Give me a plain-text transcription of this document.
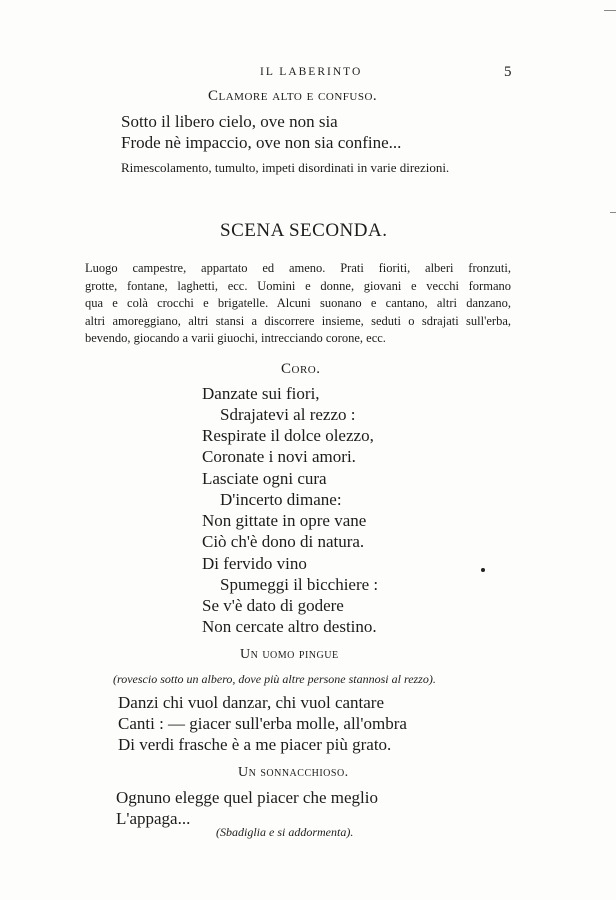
IL LABERINTO	5
Clamore alto e confuso.
Sotto il libero cielo, ove non sia
Frode nè impaccio, ove non sia confine...
Rimescolamento, tumulto, impeti disordinati in varie direzioni.
SCENA SECONDA.
Luogo campestre, appartato ed ameno. Prati fioriti, alberi fronzuti,
grotte, fontane, laghetti, ecc. Uomini e donne, giovani e vecchi formano
qua e colà crocchi e brigatelle. Alcuni suonano e cantano, altri danzano,
altri amoreggiano, altri stansi a discorrere insieme, seduti o sdrajati sull'erba,
bevendo, giocando a varii giuochi, intrecciando corone, ecc.
Coro.
Danzate sui fiori,
Sdrajatevi al rezzo :
Respirate il dolce olezzo,
Coronate i novi amori.
Lasciate ogni cura
D'incerto dimane:
Non gittate in opre vane
Ciò ch'è dono di natura.
Di fervido vino
Spumeggi il bicchiere :
Se v'è dato di godere
Non cercate altro destino.
Un uomo pingue
(rovescio sotto un albero, dove più altre persone stannosi al rezzo).
Danzi chi vuol danzar, chi vuol cantare
Canti : — giacer sull'erba molle, all'ombra
Di verdi frasche è a me piacer più grato.
Un sonnacchioso.
Ognuno elegge quel piacer che meglio
L'appaga...
(Sbadiglia e si addormenta).
